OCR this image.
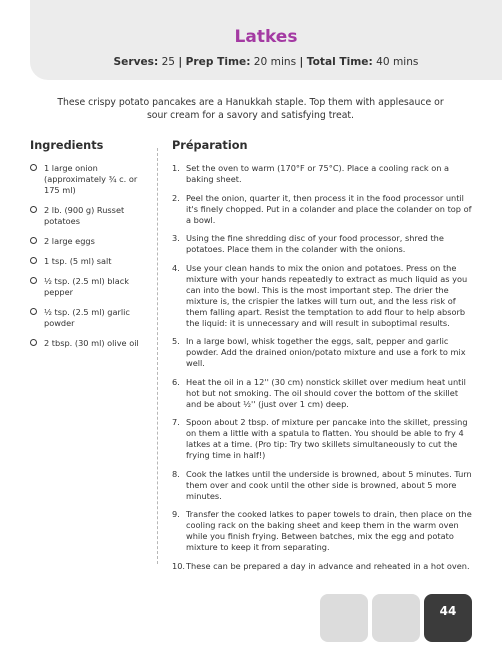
Latkes
Serves: 25 | Prep Time: 20 mins | Total Time: 40 mins
These crispy potato pancakes are a Hanukkah staple. Top them with applesauce or sour cream for a savory and satisfying treat.
Ingredients	Préparation
1 large onion (approximately ¾ c. or 175 ml)
2 lb. (900 g) Russet potatoes
2 large eggs
1 tsp. (5 ml) salt
½ tsp. (2.5 ml) black pepper
½ tsp. (2.5 ml) garlic powder
2 tbsp. (30 ml) olive oil
1. Set the oven to warm (170°F or 75°C). Place a cooling rack on a baking sheet.
2. Peel the onion, quarter it, then process it in the food processor until it's finely chopped. Put in a colander and place the colander on top of a bowl.
3. Using the fine shredding disc of your food processor, shred the potatoes. Place them in the colander with the onions.
4. Use your clean hands to mix the onion and potatoes. Press on the mixture with your hands repeatedly to extract as much liquid as you can into the bowl. This is the most important step. The drier the mixture is, the crispier the latkes will turn out, and the less risk of them falling apart. Resist the temptation to add flour to help absorb the liquid: it is unnecessary and will result in suboptimal results.
5. In a large bowl, whisk together the eggs, salt, pepper and garlic powder. Add the drained onion/potato mixture and use a fork to mix well.
6. Heat the oil in a 12'' (30 cm) nonstick skillet over medium heat until hot but not smoking. The oil should cover the bottom of the skillet and be about ½'' (just over 1 cm) deep.
7. Spoon about 2 tbsp. of mixture per pancake into the skillet, pressing on them a little with a spatula to flatten. You should be able to fry 4 latkes at a time. (Pro tip: Try two skillets simultaneously to cut the frying time in half!)
8. Cook the latkes until the underside is browned, about 5 minutes. Turn them over and cook until the other side is browned, about 5 more minutes.
9. Transfer the cooked latkes to paper towels to drain, then place on the cooling rack on the baking sheet and keep them in the warm oven while you finish frying. Between batches, mix the egg and potato mixture to keep it from separating.
10. These can be prepared a day in advance and reheated in a hot oven.
44
